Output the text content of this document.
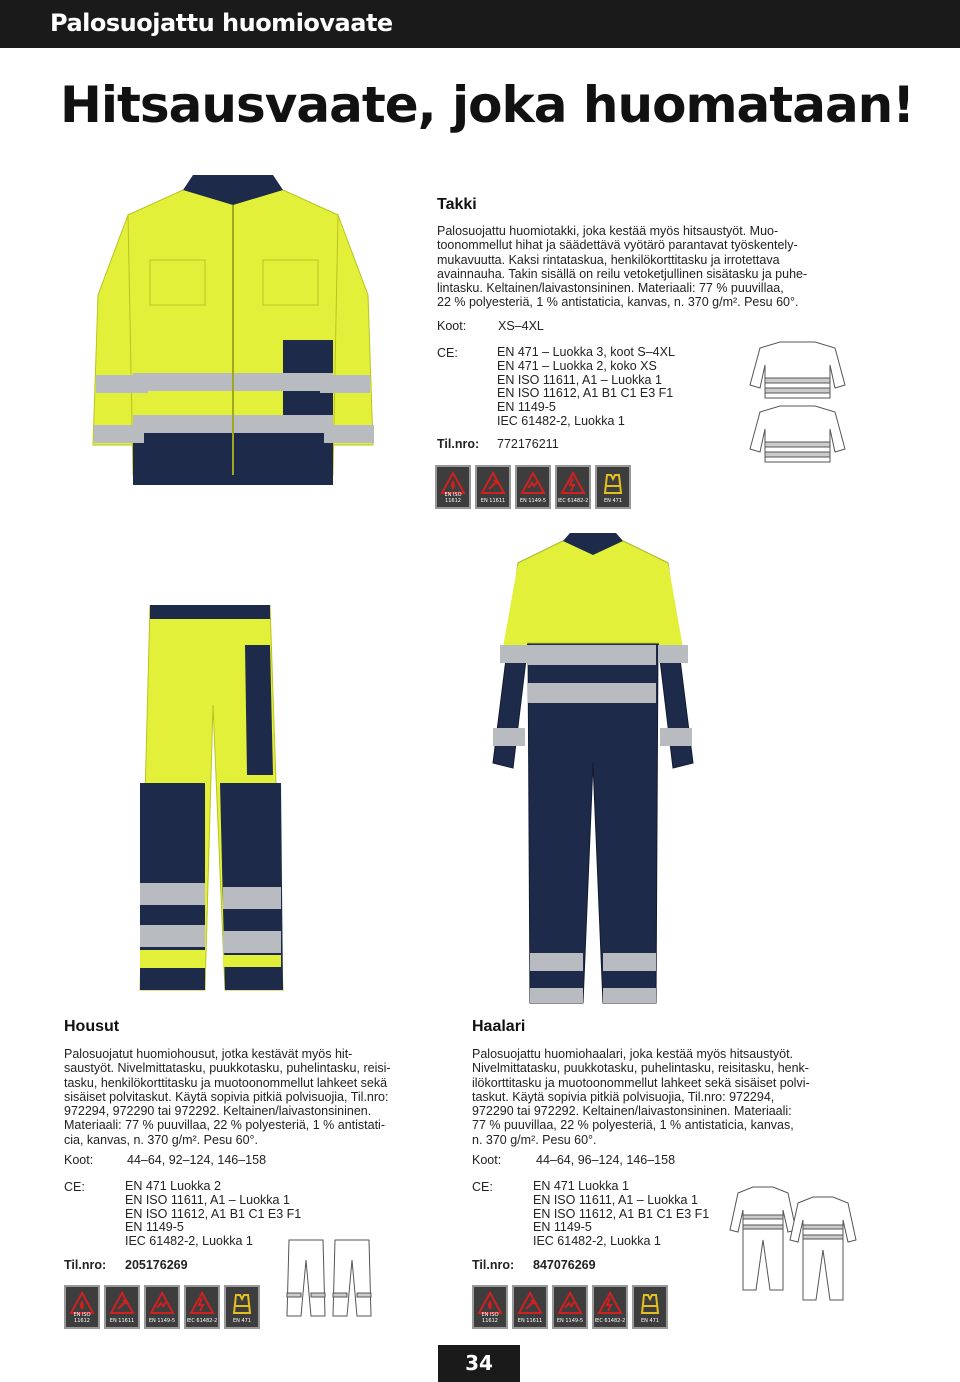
Palosuojattu huomiovaate
Hitsausvaate, joka huomataan!
Takki
Palosuojattu huomiotakki, joka kestää myös hitsaustyöt. Muo-
toonommellut hihat ja säädettävä vyötärö parantavat työskentely-
mukavuutta. Kaksi rintataskua, henkilökorttitasku ja irrotettava
avainnauha. Takin sisällä on reilu vetoketjullinen sisätasku ja puhe-
lintasku. Keltainen/laivastonsininen. Materiaali: 77 % puuvillaa,
22 % polyesteriä, 1 % antistaticia, kanvas, n. 370 g/m². Pesu 60°.
Koot:	XS–4XL
CE:	EN 471 – Luokka 3, koot S–4XL
EN 471 – Luokka 2, koko XS
EN ISO 11611, A1 – Luokka 1
EN ISO 11612, A1 B1 C1 E3 F1
EN 1149-5
IEC 61482-2, Luokka 1
Til.nro: 772176211
EN ISO 11612	EN 11611	EN 1149-5	IEC 61482-2	EN 471
Housut
Palosuojatut huomiohousut, jotka kestävät myös hit-
saustyöt. Nivelmittatasku, puukkotasku, puhelintasku, reisi-
tasku, henkilökorttitasku ja muotoonommellut lahkeet sekä
sisäiset polvitaskut. Käytä sopivia pitkiä polvisuojia, Til.nro:
972294, 972290 tai 972292. Keltainen/laivastonsininen.
Materiaali: 77 % puuvillaa, 22 % polyesteriä, 1 % antistati-
cia, kanvas, n. 370 g/m². Pesu 60°.
Koot:	44–64, 92–124, 146–158
CE:	EN 471 Luokka 2
EN ISO 11611, A1 – Luokka 1
EN ISO 11612, A1 B1 C1 E3 F1
EN 1149-5
IEC 61482-2, Luokka 1
Til.nro: 205176269
EN ISO 11612	EN 11611	EN 1149-5	IEC 61482-2	EN 471
Haalari
Palosuojattu huomiohaalari, joka kestää myös hitsaustyöt.
Nivelmittatasku, puukkotasku, puhelintasku, reisitasku, henk-
ilökorttitasku ja muotoonommellut lahkeet sekä sisäiset polvi-
taskut. Käytä sopivia pitkiä polvisuojia, Til.nro: 972294,
972290 tai 972292. Keltainen/laivastonsininen. Materiaali:
77 % puuvillaa, 22 % polyesteriä, 1 % antistaticia, kanvas,
n. 370 g/m². Pesu 60°.
Koot:	44–64, 96–124, 146–158
CE:	EN 471 Luokka 1
EN ISO 11611, A1 – Luokka 1
EN ISO 11612, A1 B1 C1 E3 F1
EN 1149-5
IEC 61482-2, Luokka 1
Til.nro: 847076269
EN ISO 11612	EN 11611	EN 1149-5	IEC 61482-2	EN 471
34
